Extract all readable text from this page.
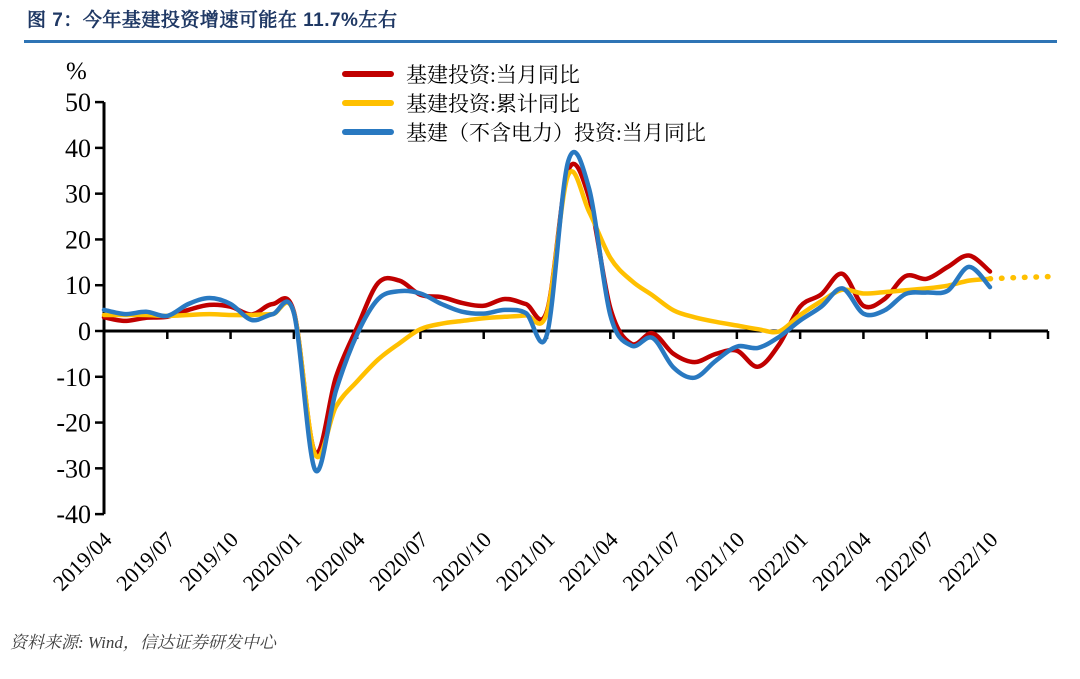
图 7：今年基建投资增速可能在 11.7%左右
50
40
30
20
10
0
-10
-20
-30
-40
2019/04
2019/07
2019/10
2020/01
2020/04
2020/07
2020/10
2021/01
2021/04
2021/07
2021/10
2022/01
2022/04
2022/07
2022/10
%	基建投资:当月同比
基建投资:累计同比
基建（不含电力）投资:当月同比
资料来源: Wind，信达证券研发中心
